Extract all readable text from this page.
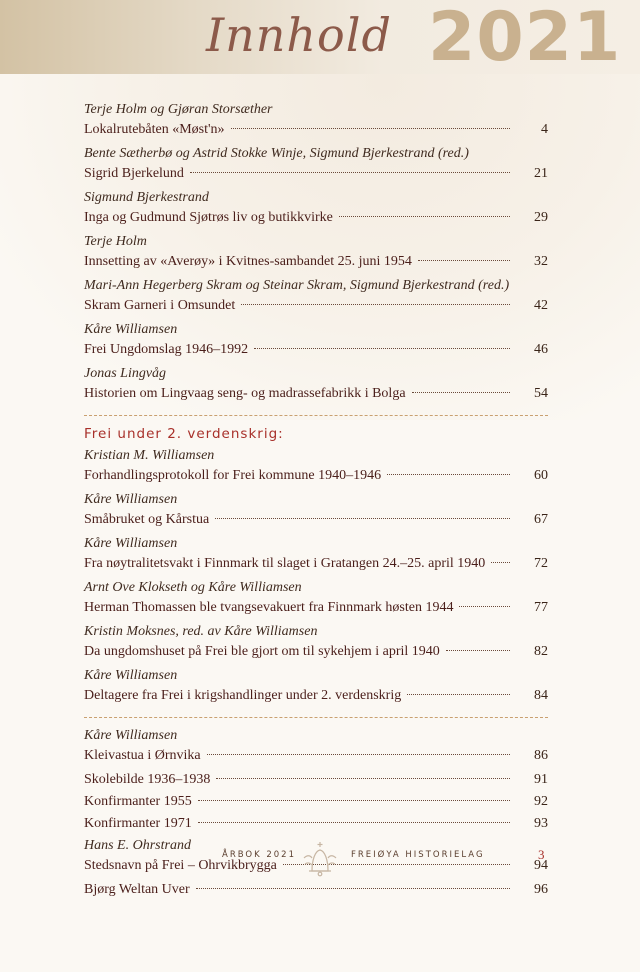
Innhold 2021
Terje Holm og Gjøran Storsæther
Lokalrutebåten «Møst'n»	4
Bente Sætherbø og Astrid Stokke Winje, Sigmund Bjerkestrand (red.)
Sigrid Bjerkelund	21
Sigmund Bjerkestrand
Inga og Gudmund Sjøtrøs liv og butikkvirke	29
Terje Holm
Innsetting av «Averøy» i Kvitnes-sambandet 25. juni 1954	32
Mari-Ann Hegerberg Skram og Steinar Skram, Sigmund Bjerkestrand (red.)
Skram Garneri i Omsundet	42
Kåre Williamsen
Frei Ungdomslag 1946–1992	46
Jonas Lingvåg
Historien om Lingvaag seng- og madrassefabrikk i Bolga	54
Frei under 2. verdenskrig:
Kristian M. Williamsen
Forhandlingsprotokoll for Frei kommune 1940–1946	60
Kåre Williamsen
Småbruket og Kårstua	67
Kåre Williamsen
Fra nøytralitetsvakt i Finnmark til slaget i Gratangen 24.–25. april 1940	72
Arnt Ove Klokseth og Kåre Williamsen
Herman Thomassen ble tvangsevakuert fra Finnmark høsten 1944	77
Kristin Moksnes, red. av Kåre Williamsen
Da ungdomshuset på Frei ble gjort om til sykehjem i april 1940	82
Kåre Williamsen
Deltagere fra Frei i krigshandlinger under 2. verdenskrig	84
Kåre Williamsen
Kleivastua i Ørnvika	86
Skolebilde 1936–1938	91
Konfirmanter 1955	92
Konfirmanter 1971	93
Hans E. Ohrstrand
Stedsnavn på Frei – Ohrvikbrygga	94
Bjørg Weltan Uver	96
ÅRBOK 2021	FREIØYA HISTORIELAG	3
